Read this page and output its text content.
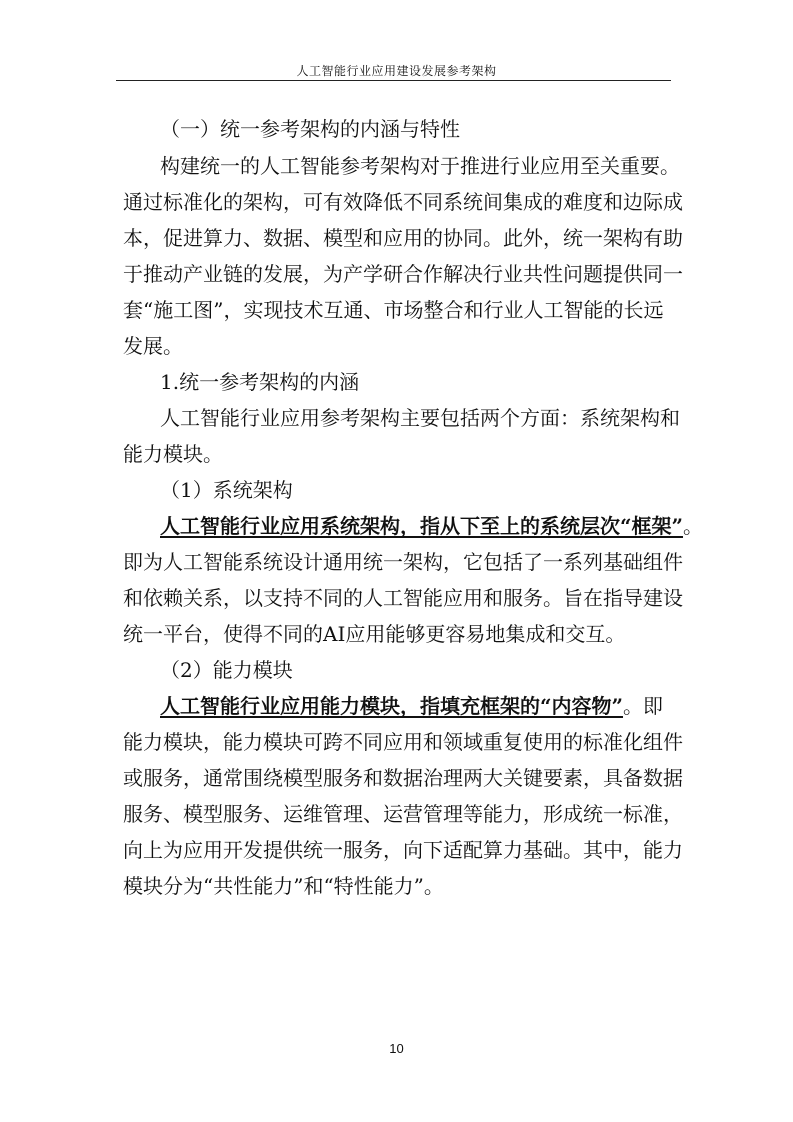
人工智能行业应用建设发展参考架构
（一）统一参考架构的内涵与特性
构建统一的人工智能参考架构对于推进行业应用至关重要。
通过标准化的架构，可有效降低不同系统间集成的难度和边际成
本，促进算力、数据、模型和应用的协同。此外，统一架构有助
于推动产业链的发展，为产学研合作解决行业共性问题提供同一
套“施工图”，实现技术互通、市场整合和行业人工智能的长远
发展。
1.统一参考架构的内涵
人工智能行业应用参考架构主要包括两个方面：系统架构和
能力模块。
（1）系统架构
人工智能行业应用系统架构，指从下至上的系统层次“框架”。
即为人工智能系统设计通用统一架构，它包括了一系列基础组件
和依赖关系，以支持不同的人工智能应用和服务。旨在指导建设
统一平台，使得不同的AI应用能够更容易地集成和交互。
（2）能力模块
人工智能行业应用能力模块，指填充框架的“内容物”。即
能力模块，能力模块可跨不同应用和领域重复使用的标准化组件
或服务，通常围绕模型服务和数据治理两大关键要素，具备数据
服务、模型服务、运维管理、运营管理等能力，形成统一标准，
向上为应用开发提供统一服务，向下适配算力基础。其中，能力
模块分为“共性能力”和“特性能力”。
10
